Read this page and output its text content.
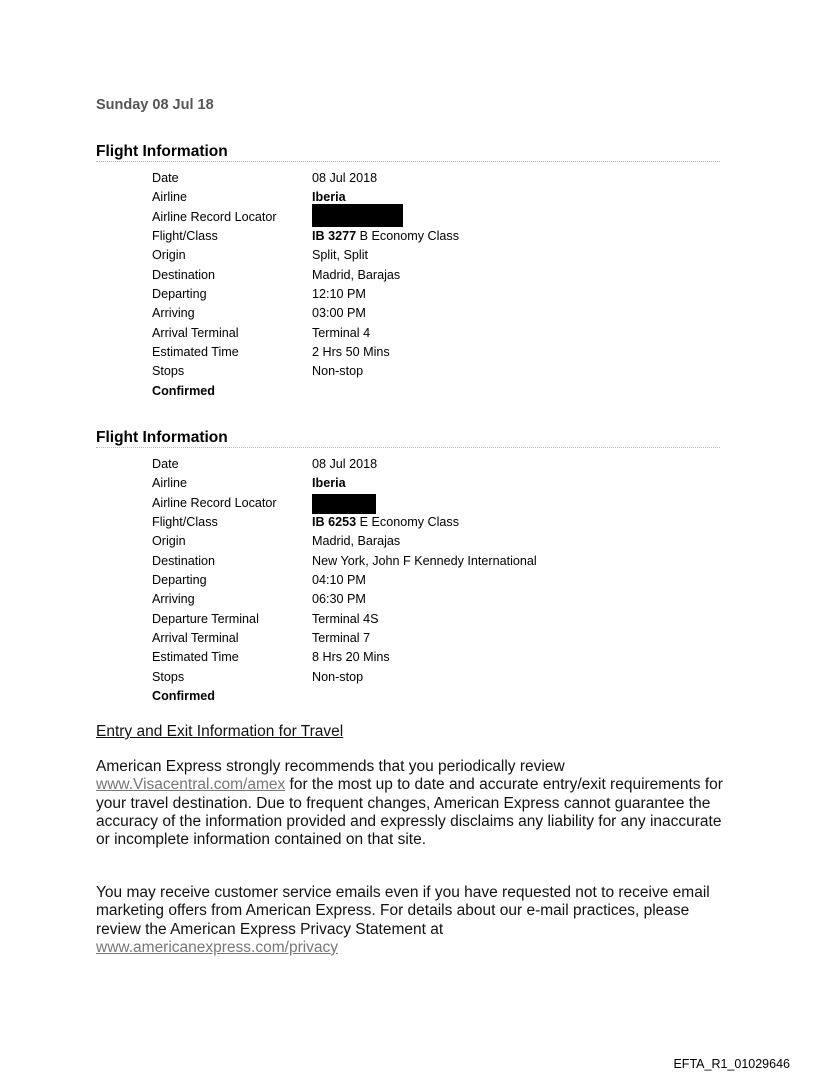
Sunday 08 Jul 18
Flight Information
Date	08 Jul 2018
Airline	Iberia
Airline Record Locator
Flight/Class	IB 3277 B Economy Class
Origin	Split, Split
Destination	Madrid, Barajas
Departing	12:10 PM
Arriving	03:00 PM
Arrival Terminal	Terminal 4
Estimated Time	2 Hrs 50 Mins
Stops	Non-stop
Confirmed
Flight Information
Date	08 Jul 2018
Airline	Iberia
Airline Record Locator
Flight/Class	IB 6253 E Economy Class
Origin	Madrid, Barajas
Destination	New York, John F Kennedy International
Departing	04:10 PM
Arriving	06:30 PM
Departure Terminal	Terminal 4S
Arrival Terminal	Terminal 7
Estimated Time	8 Hrs 20 Mins
Stops	Non-stop
Confirmed
Entry and Exit Information for Travel
American Express strongly recommends that you periodically review
www.Visacentral.com/amex for the most up to date and accurate entry/exit requirements for your travel destination. Due to frequent changes, American Express cannot guarantee the accuracy of the information provided and expressly disclaims any liability for any inaccurate or incomplete information contained on that site.
You may receive customer service emails even if you have requested not to receive email marketing offers from American Express. For details about our e-mail practices, please review the American Express Privacy Statement at
www.americanexpress.com/privacy
EFTA_R1_01029646
